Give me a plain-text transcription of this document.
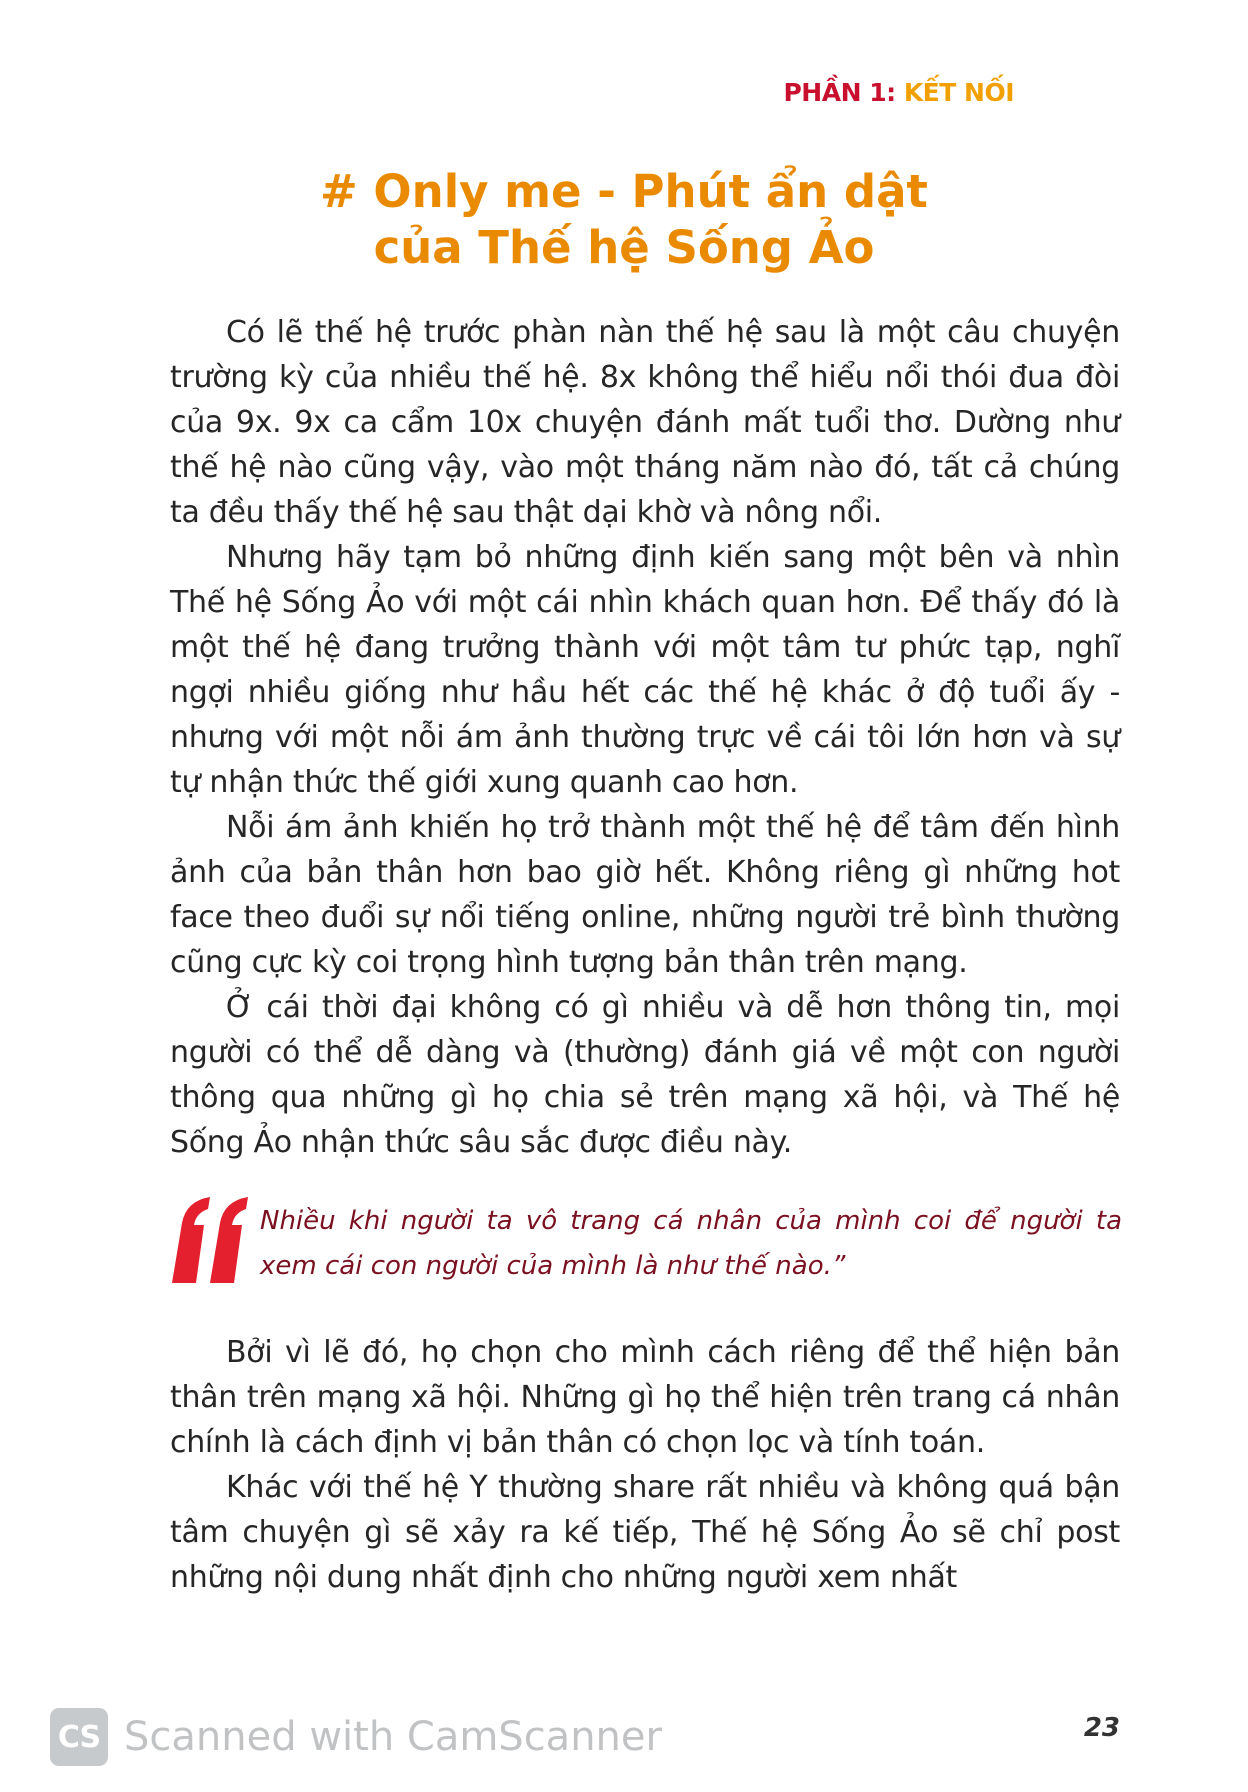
PHẦN 1: KẾT NỐI
# Only me - Phút ẩn dật
của Thế hệ Sống Ảo

Có lẽ thế hệ trước phàn nàn thế hệ sau là một câu chuyện trường kỳ của nhiều thế hệ. 8x không thể hiểu nổi thói đua đòi của 9x. 9x ca cẩm 10x chuyện đánh mất tuổi thơ. Dường như thế hệ nào cũng vậy, vào một tháng năm nào đó, tất cả chúng ta đều thấy thế hệ sau thật dại khờ và nông nổi.

Nhưng hãy tạm bỏ những định kiến sang một bên và nhìn Thế hệ Sống Ảo với một cái nhìn khách quan hơn. Để thấy đó là một thế hệ đang trưởng thành với một tâm tư phức tạp, nghĩ ngợi nhiều giống như hầu hết các thế hệ khác ở độ tuổi ấy - nhưng với một nỗi ám ảnh thường trực về cái tôi lớn hơn và sự tự nhận thức thế giới xung quanh cao hơn.

Nỗi ám ảnh khiến họ trở thành một thế hệ để tâm đến hình ảnh của bản thân hơn bao giờ hết. Không riêng gì những hot face theo đuổi sự nổi tiếng online, những người trẻ bình thường cũng cực kỳ coi trọng hình tượng bản thân trên mạng.

Ở cái thời đại không có gì nhiều và dễ hơn thông tin, mọi người có thể dễ dàng và (thường) đánh giá về một con người thông qua những gì họ chia sẻ trên mạng xã hội, và Thế hệ Sống Ảo nhận thức sâu sắc được điều này.

Nhiều khi người ta vô trang cá nhân của mình coi để người ta xem cái con người của mình là như thế nào.”

Bởi vì lẽ đó, họ chọn cho mình cách riêng để thể hiện bản thân trên mạng xã hội. Những gì họ thể hiện trên trang cá nhân chính là cách định vị bản thân có chọn lọc và tính toán.

Khác với thế hệ Y thường share rất nhiều và không quá bận tâm chuyện gì sẽ xảy ra kế tiếp, Thế hệ Sống Ảo sẽ chỉ post những nội dung nhất định cho những người xem nhất

23
CS Scanned with CamScanner
